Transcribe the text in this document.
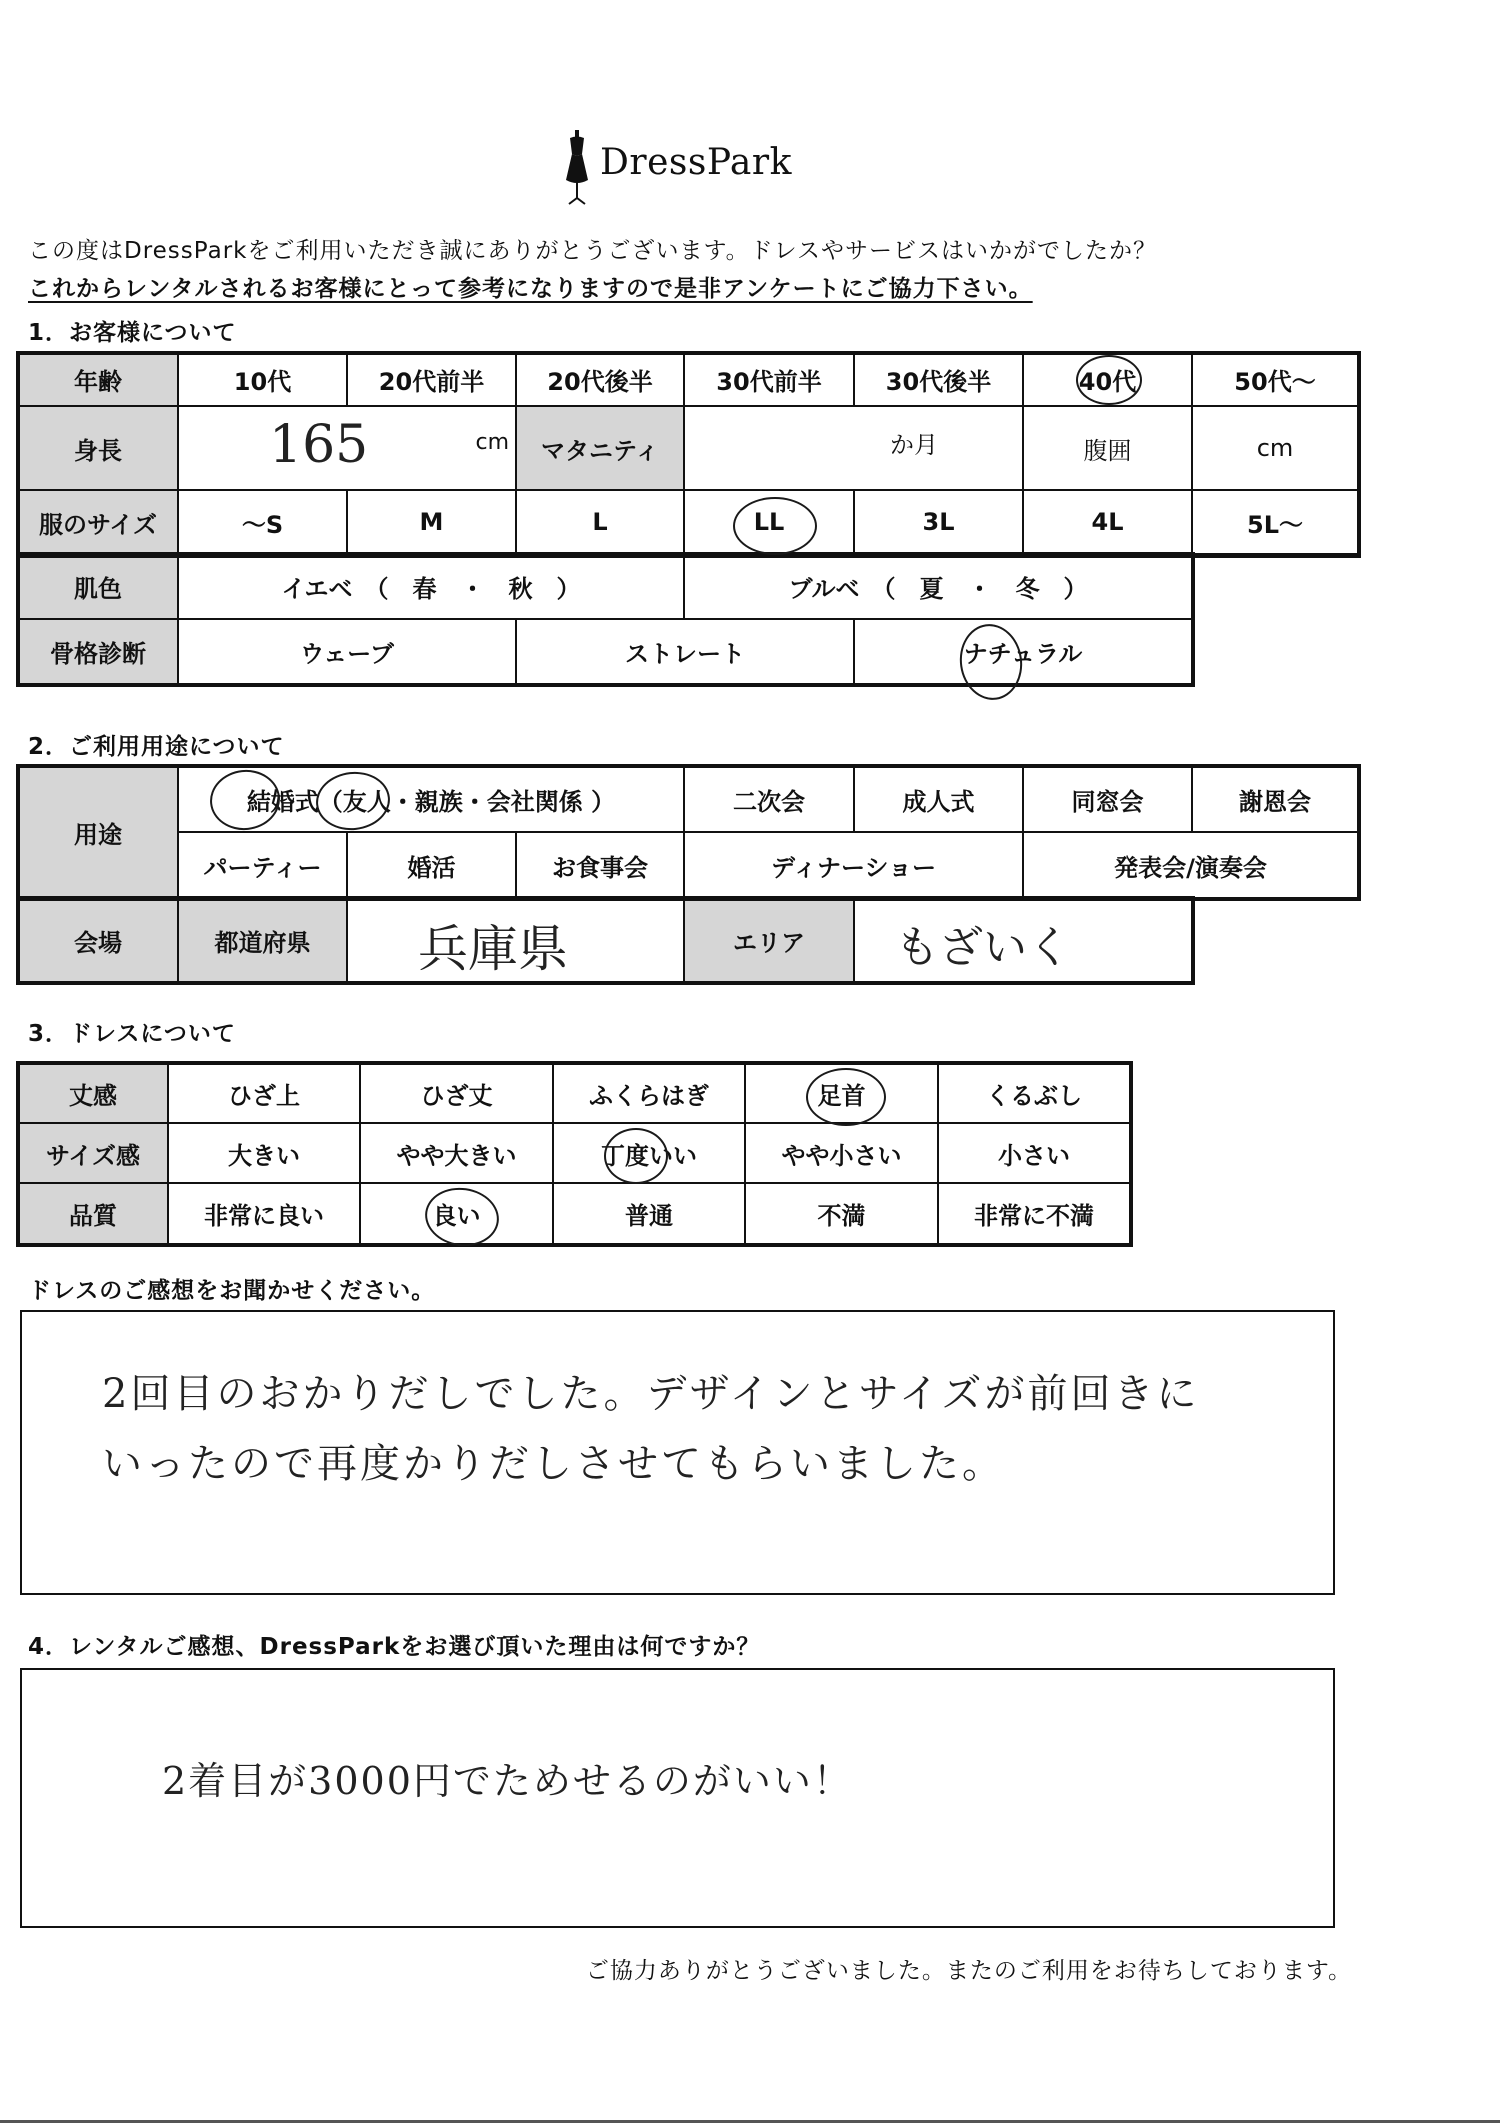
DressPark
この度はDressParkをご利用いただき誠にありがとうございます。ドレスやサービスはいかがでしたか？
これからレンタルされるお客様にとって参考になりますので是非アンケートにご協力下さい。
1．お客様について
年齢	10代	20代前半	20代後半	30代前半	30代後半	40代	50代～
身長	165	cm	マタニティ	か月	腹囲	cm
服のサイズ	～S	M	L	LL	3L	4L	5L～
肌色	イエベ　（　春　・　秋　）	ブルベ　（　夏　・　冬　）
骨格診断	ウェーブ	ストレート	ナチュラル
2．ご利用用途について
用途
結婚式（友人・親族・会社関係 ）	二次会	成人式	同窓会	謝恩会
パーティー	婚活	お食事会	ディナーショー	発表会/演奏会
会場	都道府県	兵庫県	エリア	もざいく
3．ドレスについて
丈感	ひざ上	ひざ丈	ふくらはぎ	足首	くるぶし
サイズ感	大きい	やや大きい	丁度いい	やや小さい	小さい
品質	非常に良い	良い	普通	不満	非常に不満
ドレスのご感想をお聞かせください。
2回目のおかりだしでした。デザインとサイズが前回きに
いったので再度かりだしさせてもらいました。
4．レンタルご感想、DressParkをお選び頂いた理由は何ですか？
2着目が3000円でためせるのがいい！
ご協力ありがとうございました。またのご利用をお待ちしております。
